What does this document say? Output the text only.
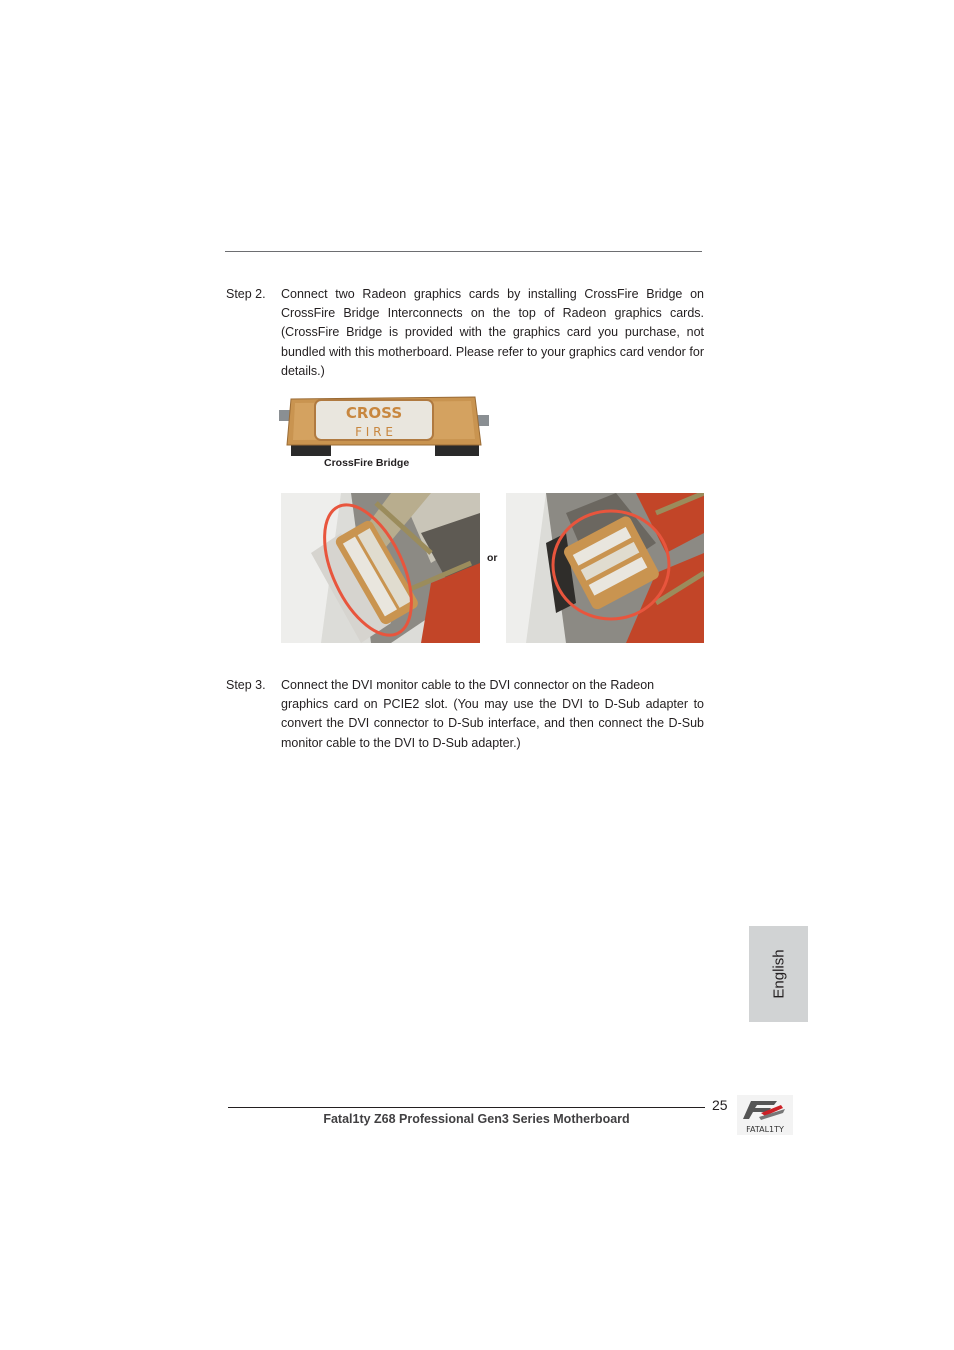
Step 2.	Connect two Radeon graphics cards by installing CrossFire Bridge on CrossFire Bridge Interconnects on the top of Radeon graphics cards. (CrossFire Bridge is provided with the graphics card you purchase, not bundled with this motherboard. Please refer to your graphics card vendor for details.)
CROSS
F I R E
CrossFire Bridge
or
Step 3.	Connect the DVI monitor cable to the DVI connector on the Radeon
graphics card on PCIE2 slot. (You may use the DVI to D-Sub adapter to convert the DVI connector to D-Sub interface, and then connect the D-Sub monitor cable to the DVI to D-Sub adapter.)
English
25
Fatal1ty Z68 Professional Gen3 Series Motherboard
FATAL1TY
